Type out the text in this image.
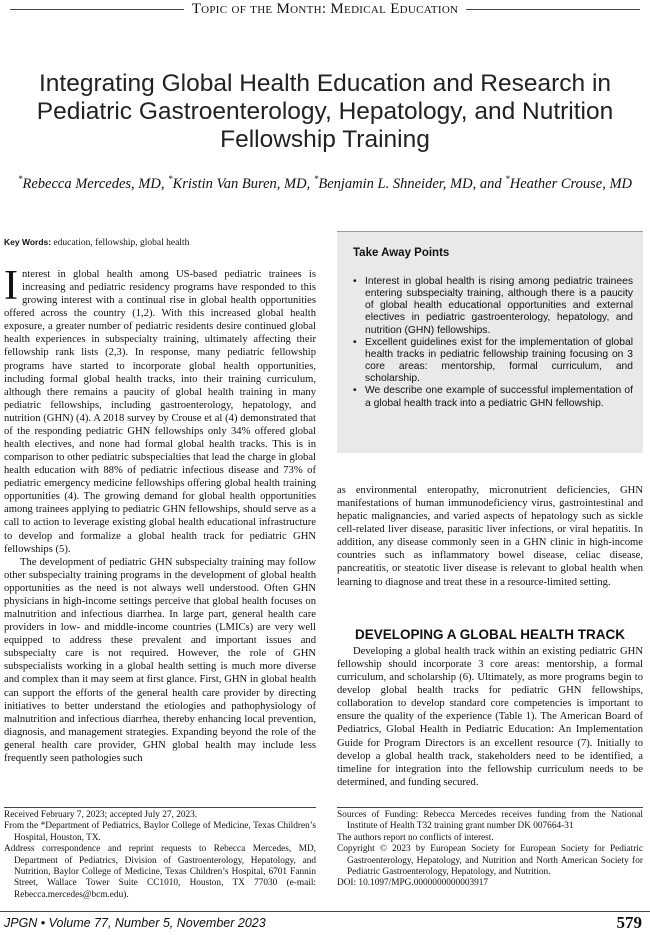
Topic of the Month: Medical Education
Integrating Global Health Education and Research in Pediatric Gastroenterology, Hepatology, and Nutrition Fellowship Training
*Rebecca Mercedes, MD, *Kristin Van Buren, MD, *Benjamin L. Shneider, MD, and *Heather Crouse, MD
Key Words: education, fellowship, global health

Interest in global health among US-based pediatric trainees is increasing and pediatric residency programs have responded to this growing interest with a continual rise in global health opportunities offered across the country (1,2). With this increased global health exposure, a greater number of pediatric residents desire continued global health experiences in subspecialty training, ultimately affecting their fellowship rank lists (2,3). In response, many pediatric fellowship programs have started to incorporate global health opportunities, including formal global health tracks, into their training curriculum, although there remains a paucity of global health training in many pediatric fellowships, including gastroenterology, hepatology, and nutrition (GHN) (4). A 2018 survey by Crouse et al (4) demonstrated that of the responding pediatric GHN fellowships only 34% offered global health electives, and none had formal global health tracks. This is in comparison to other pediatric subspecialties that lead the charge in global health education with 88% of pediatric infectious disease and 73% of pediatric emergency medicine fellowships offering global health training opportunities (4). The growing demand for global health opportunities among trainees applying to pediatric GHN fellowships, should serve as a call to action to leverage existing global health educational infrastructure to develop and formalize a global health track for pediatric GHN fellowships (5).

The development of pediatric GHN subspecialty training may follow other subspecialty training programs in the development of global health opportunities as the need is not always well understood. Often GHN physicians in high-income settings perceive that global health focuses on malnutrition and infectious diarrhea. In large part, general health care providers in low- and middle-income countries (LMICs) are very well equipped to address these prevalent and important issues and subspecialty care is not required. However, the role of GHN subspecialists working in a global health setting is much more diverse and complex than it may seem at first glance. First, GHN in global health can support the efforts of the general health care provider by directing initiatives to better understand the etiologies and pathophysiology of malnutrition and infectious diarrhea, thereby enhancing local prevention, diagnosis, and management strategies. Expanding beyond the role of the general health care provider, GHN global health may include less frequently seen pathologies such

Take Away Points
• Interest in global health is rising among pediatric trainees entering subspecialty training, although there is a paucity of global health educational opportunities and external electives in pediatric gastroenterology, hepatology, and nutrition (GHN) fellowships.
• Excellent guidelines exist for the implementation of global health tracks in pediatric fellowship training focusing on 3 core areas: mentorship, formal curriculum, and scholarship.
• We describe one example of successful implementation of a global health track into a pediatric GHN fellowship.

as environmental enteropathy, micronutrient deficiencies, GHN manifestations of human immunodeficiency virus, gastrointestinal and hepatic malignancies, and varied aspects of hepatology such as sickle cell-related liver disease, parasitic liver infections, or viral hepatitis. In addition, any disease commonly seen in a GHN clinic in high-income countries such as inflammatory bowel disease, celiac disease, pancreatitis, or steatotic liver disease is relevant to global health when learning to diagnose and treat these in a resource-limited setting.

DEVELOPING A GLOBAL HEALTH TRACK

Developing a global health track within an existing pediatric GHN fellowship should incorporate 3 core areas: mentorship, a formal curriculum, and scholarship (6). Ultimately, as more programs begin to develop global health tracks for pediatric GHN fellowships, collaboration to develop standard core competencies is important to ensure the quality of the experience (Table 1). The American Board of Pediatrics, Global Health in Pediatric Education: An Implementation Guide for Program Directors is an excellent resource (7). Initially to develop a global health track, stakeholders need to be identified, a timeline for integration into the fellowship curriculum needs to be determined, and funding secured.

Received February 7, 2023; accepted July 27, 2023.

From the *Department of Pediatrics, Baylor College of Medicine, Texas Children’s Hospital, Houston, TX.

Address correspondence and reprint requests to Rebecca Mercedes, MD, Department of Pediatrics, Division of Gastroenterology, Hepatology, and Nutrition, Baylor College of Medicine, Texas Children’s Hospital, 6701 Fannin Street, Wallace Tower Suite CC1010, Houston, TX 77030 (e-mail: Rebecca.mercedes@bcm.edu).

Sources of Funding: Rebecca Mercedes receives funding from the National Institute of Health T32 training grant number DK 007664-31

The authors report no conflicts of interest.

Copyright © 2023 by European Society for European Society for Pediatric Gastroenterology, Hepatology, and Nutrition and North American Society for Pediatric Gastroenterology, Hepatology, and Nutrition.

DOI: 10.1097/MPG.0000000000003917

JPGN • Volume 77, Number 5, November 2023	579
